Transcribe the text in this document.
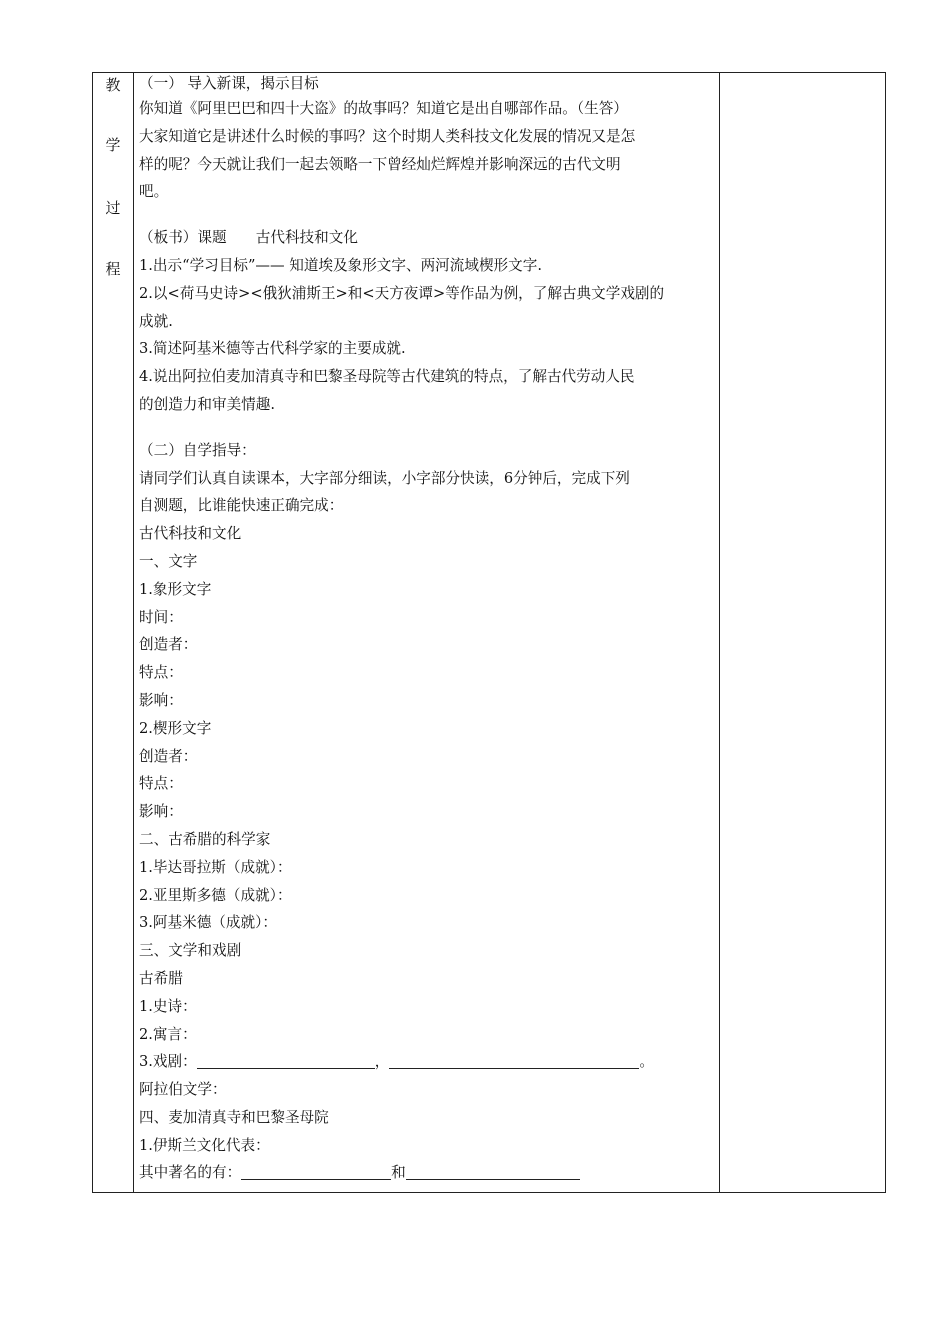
教
学
过
程
（一） 导入新课，揭示目标
你知道《阿里巴巴和四十大盗》的故事吗？知道它是出自哪部作品。（生答）
大家知道它是讲述什么时候的事吗？这个时期人类科技文化发展的情况又是怎
样的呢？今天就让我们一起去领略一下曾经灿烂辉煌并影响深远的古代文明
吧。
（板书）课题　　古代科技和文化
1.出示“学习目标”—— 知道埃及象形文字、两河流域楔形文字.
2.以<荷马史诗><俄狄浦斯王>和<天方夜谭>等作品为例，了解古典文学戏剧的
成就.
3.简述阿基米德等古代科学家的主要成就.
4.说出阿拉伯麦加清真寺和巴黎圣母院等古代建筑的特点，了解古代劳动人民
的创造力和审美情趣.
（二）自学指导：
请同学们认真自读课本，大字部分细读，小字部分快读，6分钟后，完成下列
自测题，比谁能快速正确完成：
古代科技和文化
一、文字
1.象形文字
时间：
创造者：
特点：
影响：
2.楔形文字
创造者：
特点：
影响：
二、古希腊的科学家
1.毕达哥拉斯（成就）：
2.亚里斯多德（成就）：
3.阿基米德（成就）：
三、文学和戏剧
古希腊
1.史诗：
2.寓言：
3.戏剧：	，	。
阿拉伯文学：
四、麦加清真寺和巴黎圣母院
1.伊斯兰文化代表：
其中著名的有：	和
